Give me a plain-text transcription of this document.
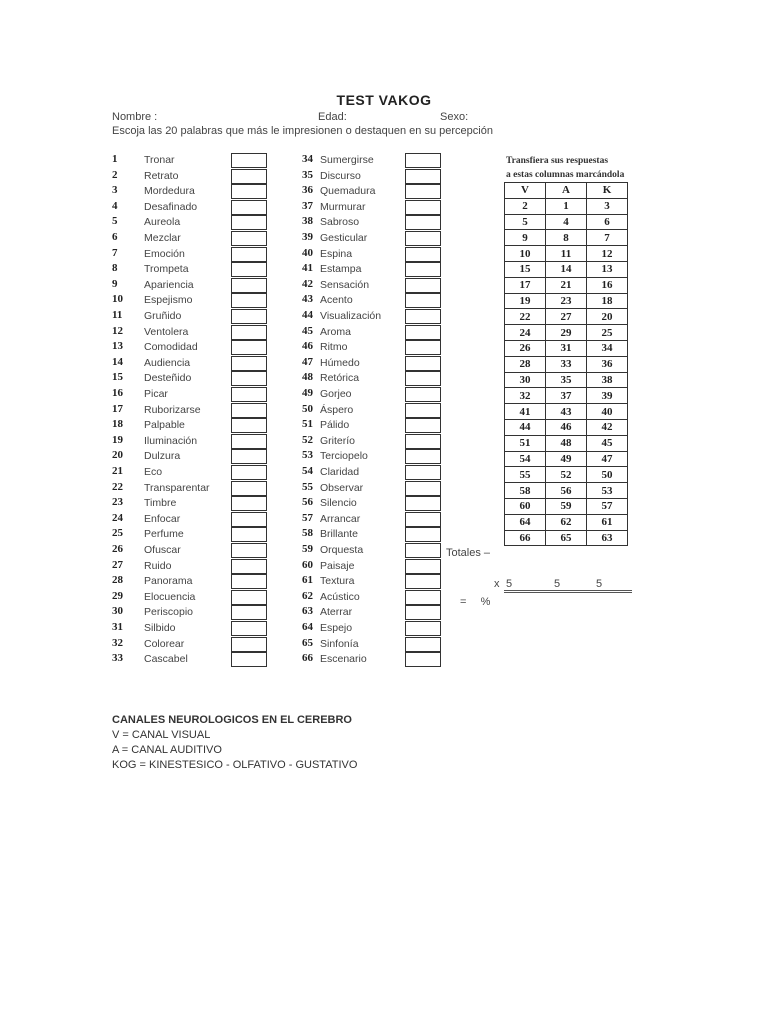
TEST VAKOG
Nombre :	Edad:	Sexo:
Escoja las 20 palabras que más le impresionen o destaquen en su percepción
1	Tronar
2	Retrato
3	Mordedura
4	Desafinado
5	Aureola
6	Mezclar
7	Emoción
8	Trompeta
9	Apariencia
10 Espejismo
11 Gruñido
12 Ventolera
13 Comodidad
14 Audiencia
15 Desteñido
16 Picar
17 Ruborizarse
18 Palpable
19 Iluminación
20 Dulzura
21 Eco
22 Transparentar
23 Timbre
24 Enfocar
25 Perfume
26 Ofuscar
27 Ruido
28 Panorama
29 Elocuencia
30 Periscopio
31 Silbido
32 Colorear
33 Cascabel
34 Sumergirse
35 Discurso
36 Quemadura
37 Murmurar
38 Sabroso
39 Gesticular
40 Espina
41 Estampa
42 Sensación
43 Acento
44 Visualización
45 Aroma
46 Ritmo
47 Húmedo
48 Retórica
49 Gorjeo
50 Áspero
51 Pálido
52 Griterío
53 Terciopelo
54 Claridad
55 Observar
56 Silencio
57 Arrancar
58 Brillante
59 Orquesta
60 Paisaje
61 Textura
62 Acústico
63 Aterrar
64 Espejo
65 Sinfonía
66 Escenario
Transfiera sus respuestas
a estas columnas marcándola
V	A	K
2	1	3
5	4	6
9	8	7
10	11	12
15	14	13
17	21	16
19	23	18
22	27	20
24	29	25
26	31	34
28	33	36
30	35	38
32	37	39
41	43	40
44	46	42
51	48	45
54	49	47
55	52	50
58	56	53
60	59	57
64	62	61
66	65	63
Totales –
x 5	5	5
= %
CANALES NEUROLOGICOS EN EL CEREBRO
V = CANAL VISUAL
A = CANAL AUDITIVO
KOG = KINESTESICO - OLFATIVO - GUSTATIVO
